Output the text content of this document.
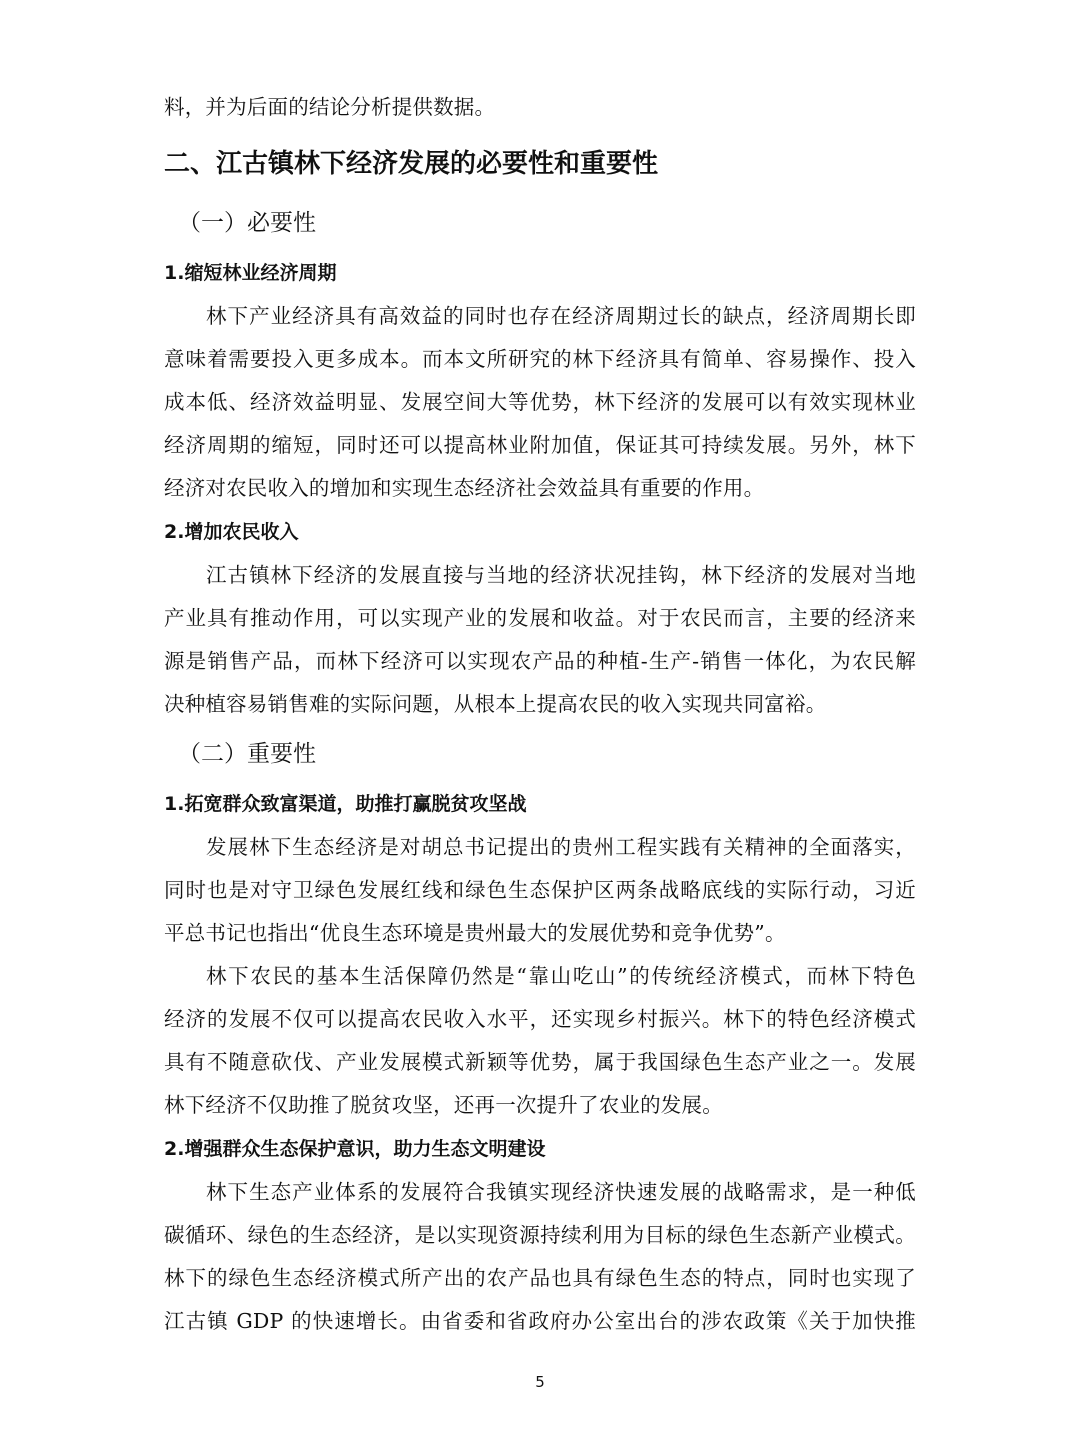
料，并为后面的结论分析提供数据。
二、江古镇林下经济发展的必要性和重要性
（一）必要性
1.缩短林业经济周期
林下产业经济具有高效益的同时也存在经济周期过长的缺点，经济周期长即
意味着需要投入更多成本。而本文所研究的林下经济具有简单、容易操作、投入
成本低、经济效益明显、发展空间大等优势，林下经济的发展可以有效实现林业
经济周期的缩短，同时还可以提高林业附加值，保证其可持续发展。另外，林下
经济对农民收入的增加和实现生态经济社会效益具有重要的作用。
2.增加农民收入
江古镇林下经济的发展直接与当地的经济状况挂钩，林下经济的发展对当地
产业具有推动作用，可以实现产业的发展和收益。对于农民而言，主要的经济来
源是销售产品，而林下经济可以实现农产品的种植-生产-销售一体化，为农民解
决种植容易销售难的实际问题，从根本上提高农民的收入实现共同富裕。
（二）重要性
1.拓宽群众致富渠道，助推打赢脱贫攻坚战
发展林下生态经济是对胡总书记提出的贵州工程实践有关精神的全面落实，
同时也是对守卫绿色发展红线和绿色生态保护区两条战略底线的实际行动，习近
平总书记也指出“优良生态环境是贵州最大的发展优势和竞争优势”。
林下农民的基本生活保障仍然是“靠山吃山”的传统经济模式，而林下特色
经济的发展不仅可以提高农民收入水平，还实现乡村振兴。林下的特色经济模式
具有不随意砍伐、产业发展模式新颖等优势，属于我国绿色生态产业之一。发展
林下经济不仅助推了脱贫攻坚，还再一次提升了农业的发展。
2.增强群众生态保护意识，助力生态文明建设
林下生态产业体系的发展符合我镇实现经济快速发展的战略需求，是一种低
碳循环、绿色的生态经济，是以实现资源持续利用为目标的绿色生态新产业模式。
林下的绿色生态经济模式所产出的农产品也具有绿色生态的特点，同时也实现了
江古镇 GDP 的快速增长。由省委和省政府办公室出台的涉农政策《关于加快推
5
